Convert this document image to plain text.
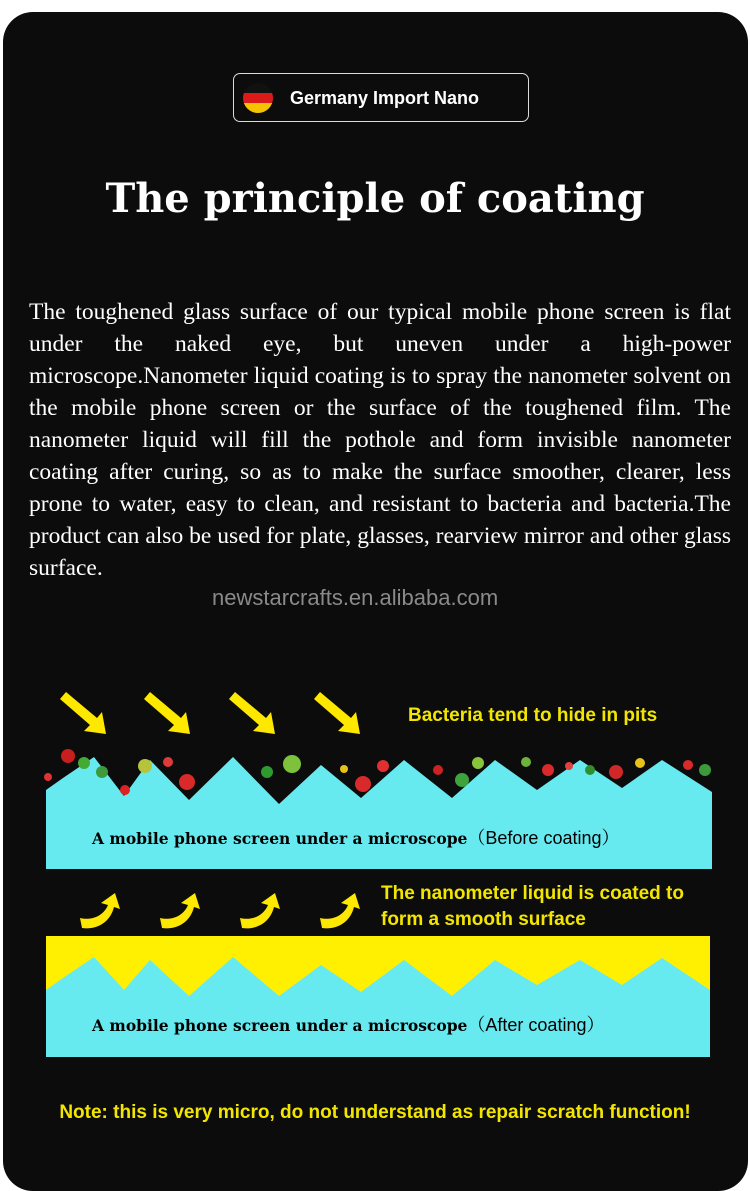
Germany Import Nano
The principle of coating

The toughened glass surface of our typical mobile phone screen is flat under the naked eye, but uneven under a high-power microscope.Nanometer liquid coating is to spray the nanometer solvent on the mobile phone screen or the surface of the toughened film. The nanometer liquid will fill the pothole and form invisible nanometer coating after curing, so as to make the surface smoother, clearer, less prone to water, easy to clean, and resistant to bacteria and bacteria.The product can also be used for plate, glasses, rearview mirror and other glass surface.

newstarcrafts.en.alibaba.com
Bacteria tend to hide in pits
A mobile phone screen under a microscope（Before coating）
The nanometer liquid is coated to
form a smooth surface
A mobile phone screen under a microscope（After coating）
Note: this is very micro, do not understand as repair scratch function!
